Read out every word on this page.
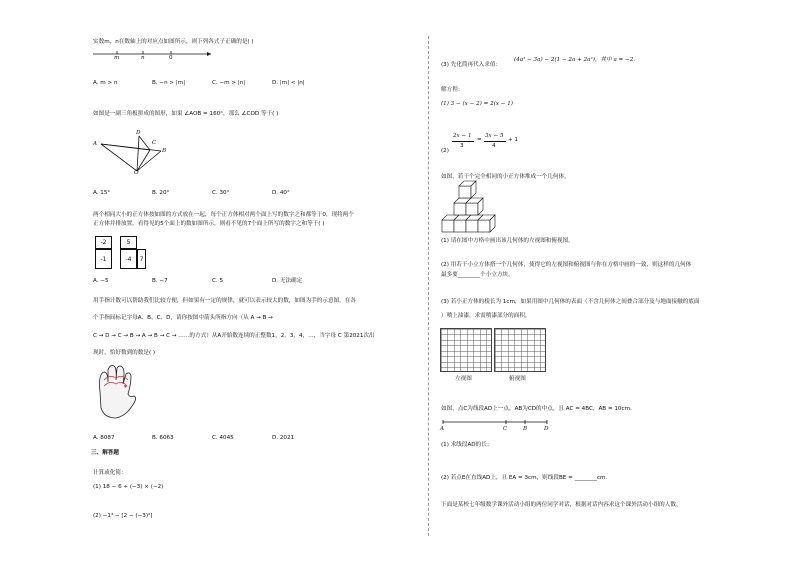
实数m，n在数轴上的对应点如图所示，则下列各式子正确的是( )
m	n	0
A. m > n	B. −n > |m|	C. −m > |n|	D. |m| < |n|
如图是一副三角板拼成的图形，如果 ∠AOB = 160°，那么 ∠COD 等于( )
A
B
C
D
O
A. 15°	B. 20°	C. 30°	D. 40°
两个相同大小的正方体按如图的方式放在一起，每个正方体相对两个面上写的数字之和都等于0，现将两个
正方体并排放置，看得见的5个面上的数如图所示，则看不见的7个面上所写的数字之和等于( )
-2	5
-1	-4	7
A. −5	B. −7	C. 5	D. 无法确定
用手指计数可以帮助我们比较方便，但如果有一定的规律，就可以表示较大的数，如图为手的示意图，在各
个手指间标记字母A、B、C、D，请你按图中箭头所指方向（从 A → B →
C → D → C → B → A → B → C → ……的方式）从A开始数连续的正整数1，2，3，4，…，当字母 C 第2021次出
现时，恰好数到的数是( )
A. 8087	B. 6063	C. 4045	D. 2021
三、解答题
计算或化简：
(1) 18 − 6 ÷ (−3) × (−2)
(2) −1⁴ − [2 − (−3)²]
(3) 先化简再代入求值：
(4a² − 3a) − 2(1 − 2a + 2a²)，其中 a = −2．
解方程：
(1) 3 − (x − 2) = 2(x − 1)
(2)
2x − 1
3
=
3x − 5
4
+ 1
如图，若干个完全相同的小正方体堆成一个几何体。
(1) 请在图中方格中画出该几何体的左视图和俯视图。
(2) 用若干小立方体搭一个几何体，使得它的左视图和俯视图与你在方格中画的一致，则这样的几何体
最多要________个小立方块。
(3) 若小正方体的棱长为 1cm，如果用图中几何体的表面（不含几何体之间叠合部分及与地面接触的底面
）喷上油漆，求需喷漆部分的面积。
左视图	俯视图
如图，点C为线段AD上一点，AB为CD的中点，且 AC = 4BC，AB = 10cm．
A	C	B	D
(1) 求线段AD的长；
(2) 若点E在直线AD上，且 EA = 3cm，则线段BE = ________cm.
下面是某校七年级数学课外活动小组的两位同学对话，根据对话内容求这个课外活动小组的人数。
